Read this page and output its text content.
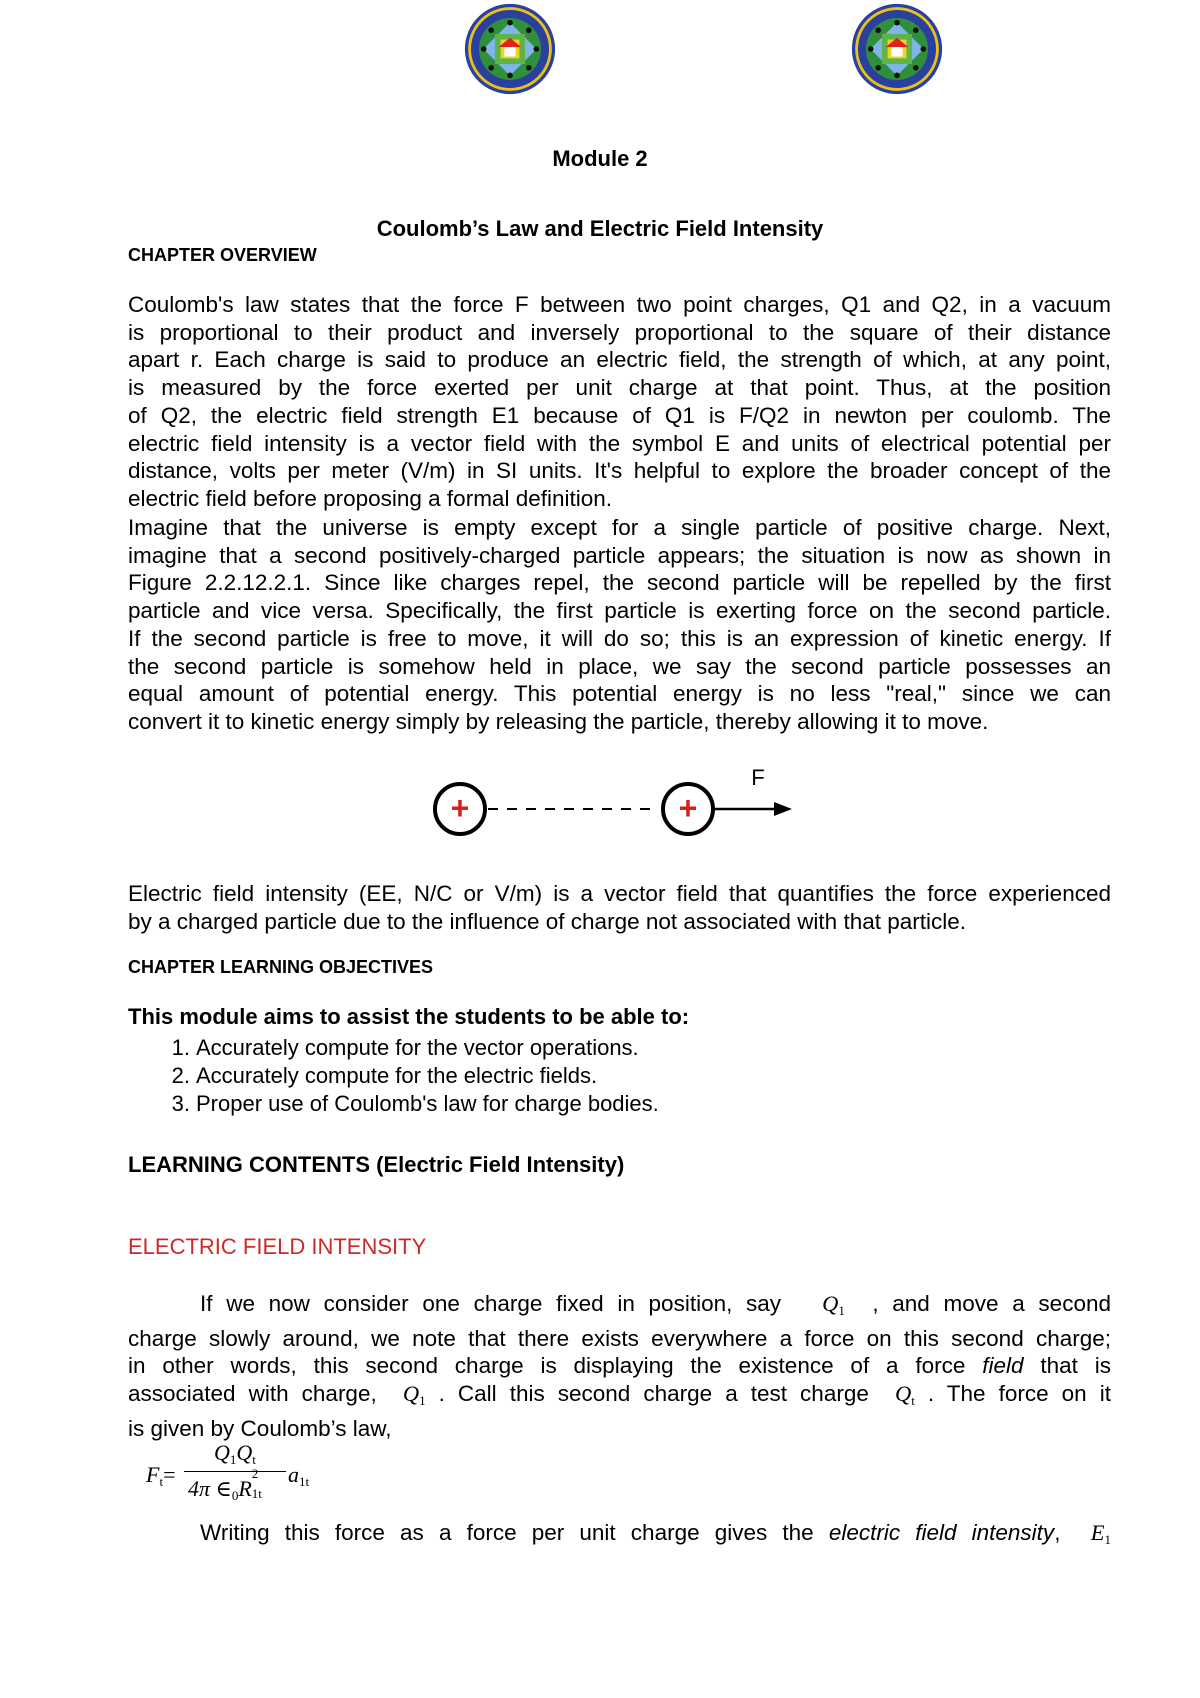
Module 2
Coulomb’s Law and Electric Field Intensity
CHAPTER OVERVIEW
Coulomb's law states that the force F between two point charges, Q1 and Q2, in a vacuum
is proportional to their product and inversely proportional to the square of their distance
apart r. Each charge is said to produce an electric field, the strength of which, at any point,
is measured by the force exerted per unit charge at that point. Thus, at the position
of Q2, the electric field strength E1 because of Q1 is F/Q2 in newton per coulomb. The
electric field intensity is a vector field with the symbol E and units of electrical potential per
distance, volts per meter (V/m) in SI units. It's helpful to explore the broader concept of the
electric field before proposing a formal definition.
Imagine that the universe is empty except for a single particle of positive charge. Next,
imagine that a second positively-charged particle appears; the situation is now as shown in
Figure 2.2.12.2.1. Since like charges repel, the second particle will be repelled by the first
particle and vice versa. Specifically, the first particle is exerting force on the second particle.
If the second particle is free to move, it will do so; this is an expression of kinetic energy. If
the second particle is somehow held in place, we say the second particle possesses an
equal amount of potential energy. This potential energy is no less "real," since we can
convert it to kinetic energy simply by releasing the particle, thereby allowing it to move.
+	+
F
Electric field intensity (EE, N/C or V/m) is a vector field that quantifies the force experienced
by a charged particle due to the influence of charge not associated with that particle.
CHAPTER LEARNING OBJECTIVES
This module aims to assist the students to be able to:
1. Accurately compute for the vector operations.
2. Accurately compute for the electric fields.
3. Proper use of Coulomb's law for charge bodies.
LEARNING CONTENTS (Electric Field Intensity)
ELECTRIC FIELD INTENSITY
If we now consider one charge fixed in position, say $Q_1$ , and move a second
charge slowly around, we note that there exists everywhere a force on this second charge;
in other words, this second charge is displaying the existence of a force field that is
associated with charge, $Q_1$ . Call this second charge a test charge $Q_t$ . The force on it
is given by Coulomb’s law,
$F_t=$
$Q_1Q_t$
4π $\in_0R$
2
1t
$a_{1t}$
Writing this force as a force per unit charge gives the electric field intensity, $E_1$
